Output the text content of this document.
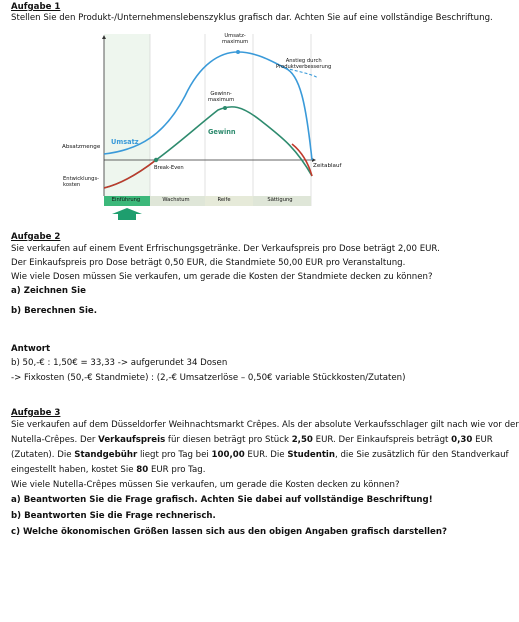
Aufgabe 1
Stellen Sie den Produkt-/Unternehmenslebenszyklus grafisch dar. Achten Sie auf eine vollständige Beschriftung.
Absatzmenge
Entwicklungs-
kosten
Zeitablauf
Umsatz
Gewinn
Umsatz-
maximum
Gewinn-
maximum
Anstieg durch
Produktverbesserung
Break-Even
Einführung	Wachstum	Reife	Sättigung
Aufgabe 2
Sie verkaufen auf einem Event Erfrischungsgetränke. Der Verkaufspreis pro Dose beträgt 2,00 EUR.
Der Einkaufspreis pro Dose beträgt 0,50 EUR, die Standmiete 50,00 EUR pro Veranstaltung.
Wie viele Dosen müssen Sie verkaufen, um gerade die Kosten der Standmiete decken zu können?
a) Zeichnen Sie
b) Berechnen Sie.
Antwort
b) 50,-€ : 1,50€ = 33,33 -> aufgerundet 34 Dosen
-> Fixkosten (50,-€ Standmiete) : (2,-€ Umsatzerlöse – 0,50€ variable Stückkosten/Zutaten)
Aufgabe 3
Sie verkaufen auf dem Düsseldorfer Weihnachtsmarkt Crêpes. Als der absolute Verkaufsschlager gilt nach wie vor der
Nutella-Crêpes. Der Verkaufspreis für diesen beträgt pro Stück 2,50 EUR. Der Einkaufspreis beträgt 0,30 EUR
(Zutaten). Die Standgebühr liegt pro Tag bei 100,00 EUR. Die Studentin, die Sie zusätzlich für den Standverkauf
eingestellt haben, kostet Sie 80 EUR pro Tag.
Wie viele Nutella-Crêpes müssen Sie verkaufen, um gerade die Kosten decken zu können?
a) Beantworten Sie die Frage grafisch. Achten Sie dabei auf vollständige Beschriftung!
b) Beantworten Sie die Frage rechnerisch.
c) Welche ökonomischen Größen lassen sich aus den obigen Angaben grafisch darstellen?
